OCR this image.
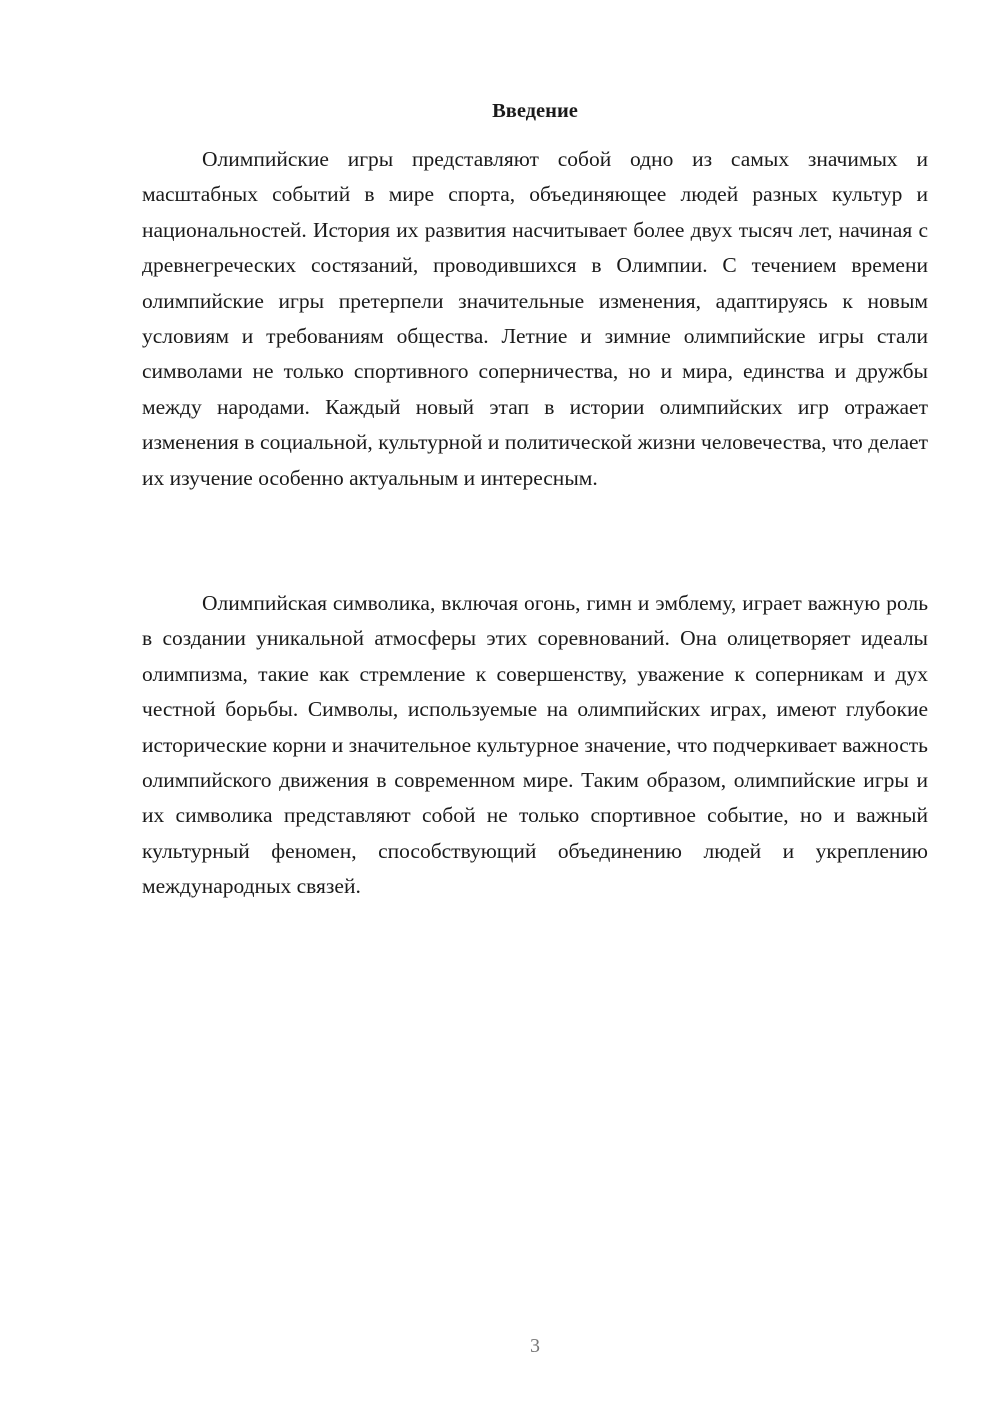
Введение

Олимпийские игры представляют собой одно из самых значимых и масштабных событий в мире спорта, объединяющее людей разных культур и национальностей. История их развития насчитывает более двух тысяч лет, начиная с древнегреческих состязаний, проводившихся в Олимпии. С течением времени олимпийские игры претерпели значительные изменения, адаптируясь к новым условиям и требованиям общества. Летние и зимние олимпийские игры стали символами не только спортивного соперничества, но и мира, единства и дружбы между народами. Каждый новый этап в истории олимпийских игр отражает изменения в социальной, культурной и политической жизни человечества, что делает их изучение особенно актуальным и интересным.

Олимпийская символика, включая огонь, гимн и эмблему, играет важную роль в создании уникальной атмосферы этих соревнований. Она олицетворяет идеалы олимпизма, такие как стремление к совершенству, уважение к соперникам и дух честной борьбы. Символы, используемые на олимпийских играх, имеют глубокие исторические корни и значительное культурное значение, что подчеркивает важность олимпийского движения в современном мире. Таким образом, олимпийские игры и их символика представляют собой не только спортивное событие, но и важный культурный феномен, способствующий объединению людей и укреплению международных связей.

3
